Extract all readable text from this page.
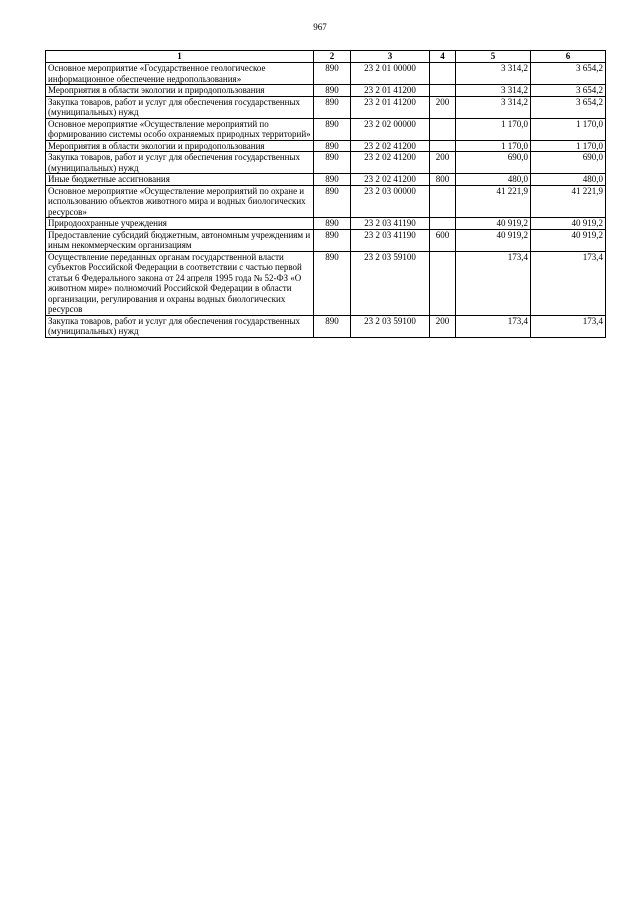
967
1	2	3	4	5	6
Основное мероприятие «Государственное геологическое информационное обеспечение недропользования»	890	23 2 01 00000		3 314,2	3 654,2
Мероприятия в области экологии и природопользования	890	23 2 01 41200		3 314,2	3 654,2
Закупка товаров, работ и услуг для обеспечения государственных (муниципальных) нужд	890	23 2 01 41200	200	3 314,2	3 654,2
Основное мероприятие «Осуществление мероприятий по формированию системы особо охраняемых природных территорий»	890	23 2 02 00000		1 170,0	1 170,0
Мероприятия в области экологии и природопользования	890	23 2 02 41200		1 170,0	1 170,0
Закупка товаров, работ и услуг для обеспечения государственных (муниципальных) нужд	890	23 2 02 41200	200	690,0	690,0
Иные бюджетные ассигнования	890	23 2 02 41200	800	480,0	480,0
Основное мероприятие «Осуществление мероприятий по охране и использованию объектов животного мира и водных биологических ресурсов»	890	23 2 03 00000		41 221,9	41 221,9
Природоохранные учреждения	890	23 2 03 41190		40 919,2	40 919,2
Предоставление субсидий бюджетным, автономным учреждениям и иным некоммерческим организациям	890	23 2 03 41190	600	40 919,2	40 919,2
Осуществление переданных органам государственной власти субъектов Российской Федерации в соответствии с частью первой статьи 6 Федерального закона от 24 апреля 1995 года № 52-ФЗ «О животном мире» полномочий Российской Федерации в области организации, регулирования и охраны водных биологических ресурсов	890	23 2 03 59100		173,4	173,4
Закупка товаров, работ и услуг для обеспечения государственных (муниципальных) нужд	890	23 2 03 59100	200	173,4	173,4
